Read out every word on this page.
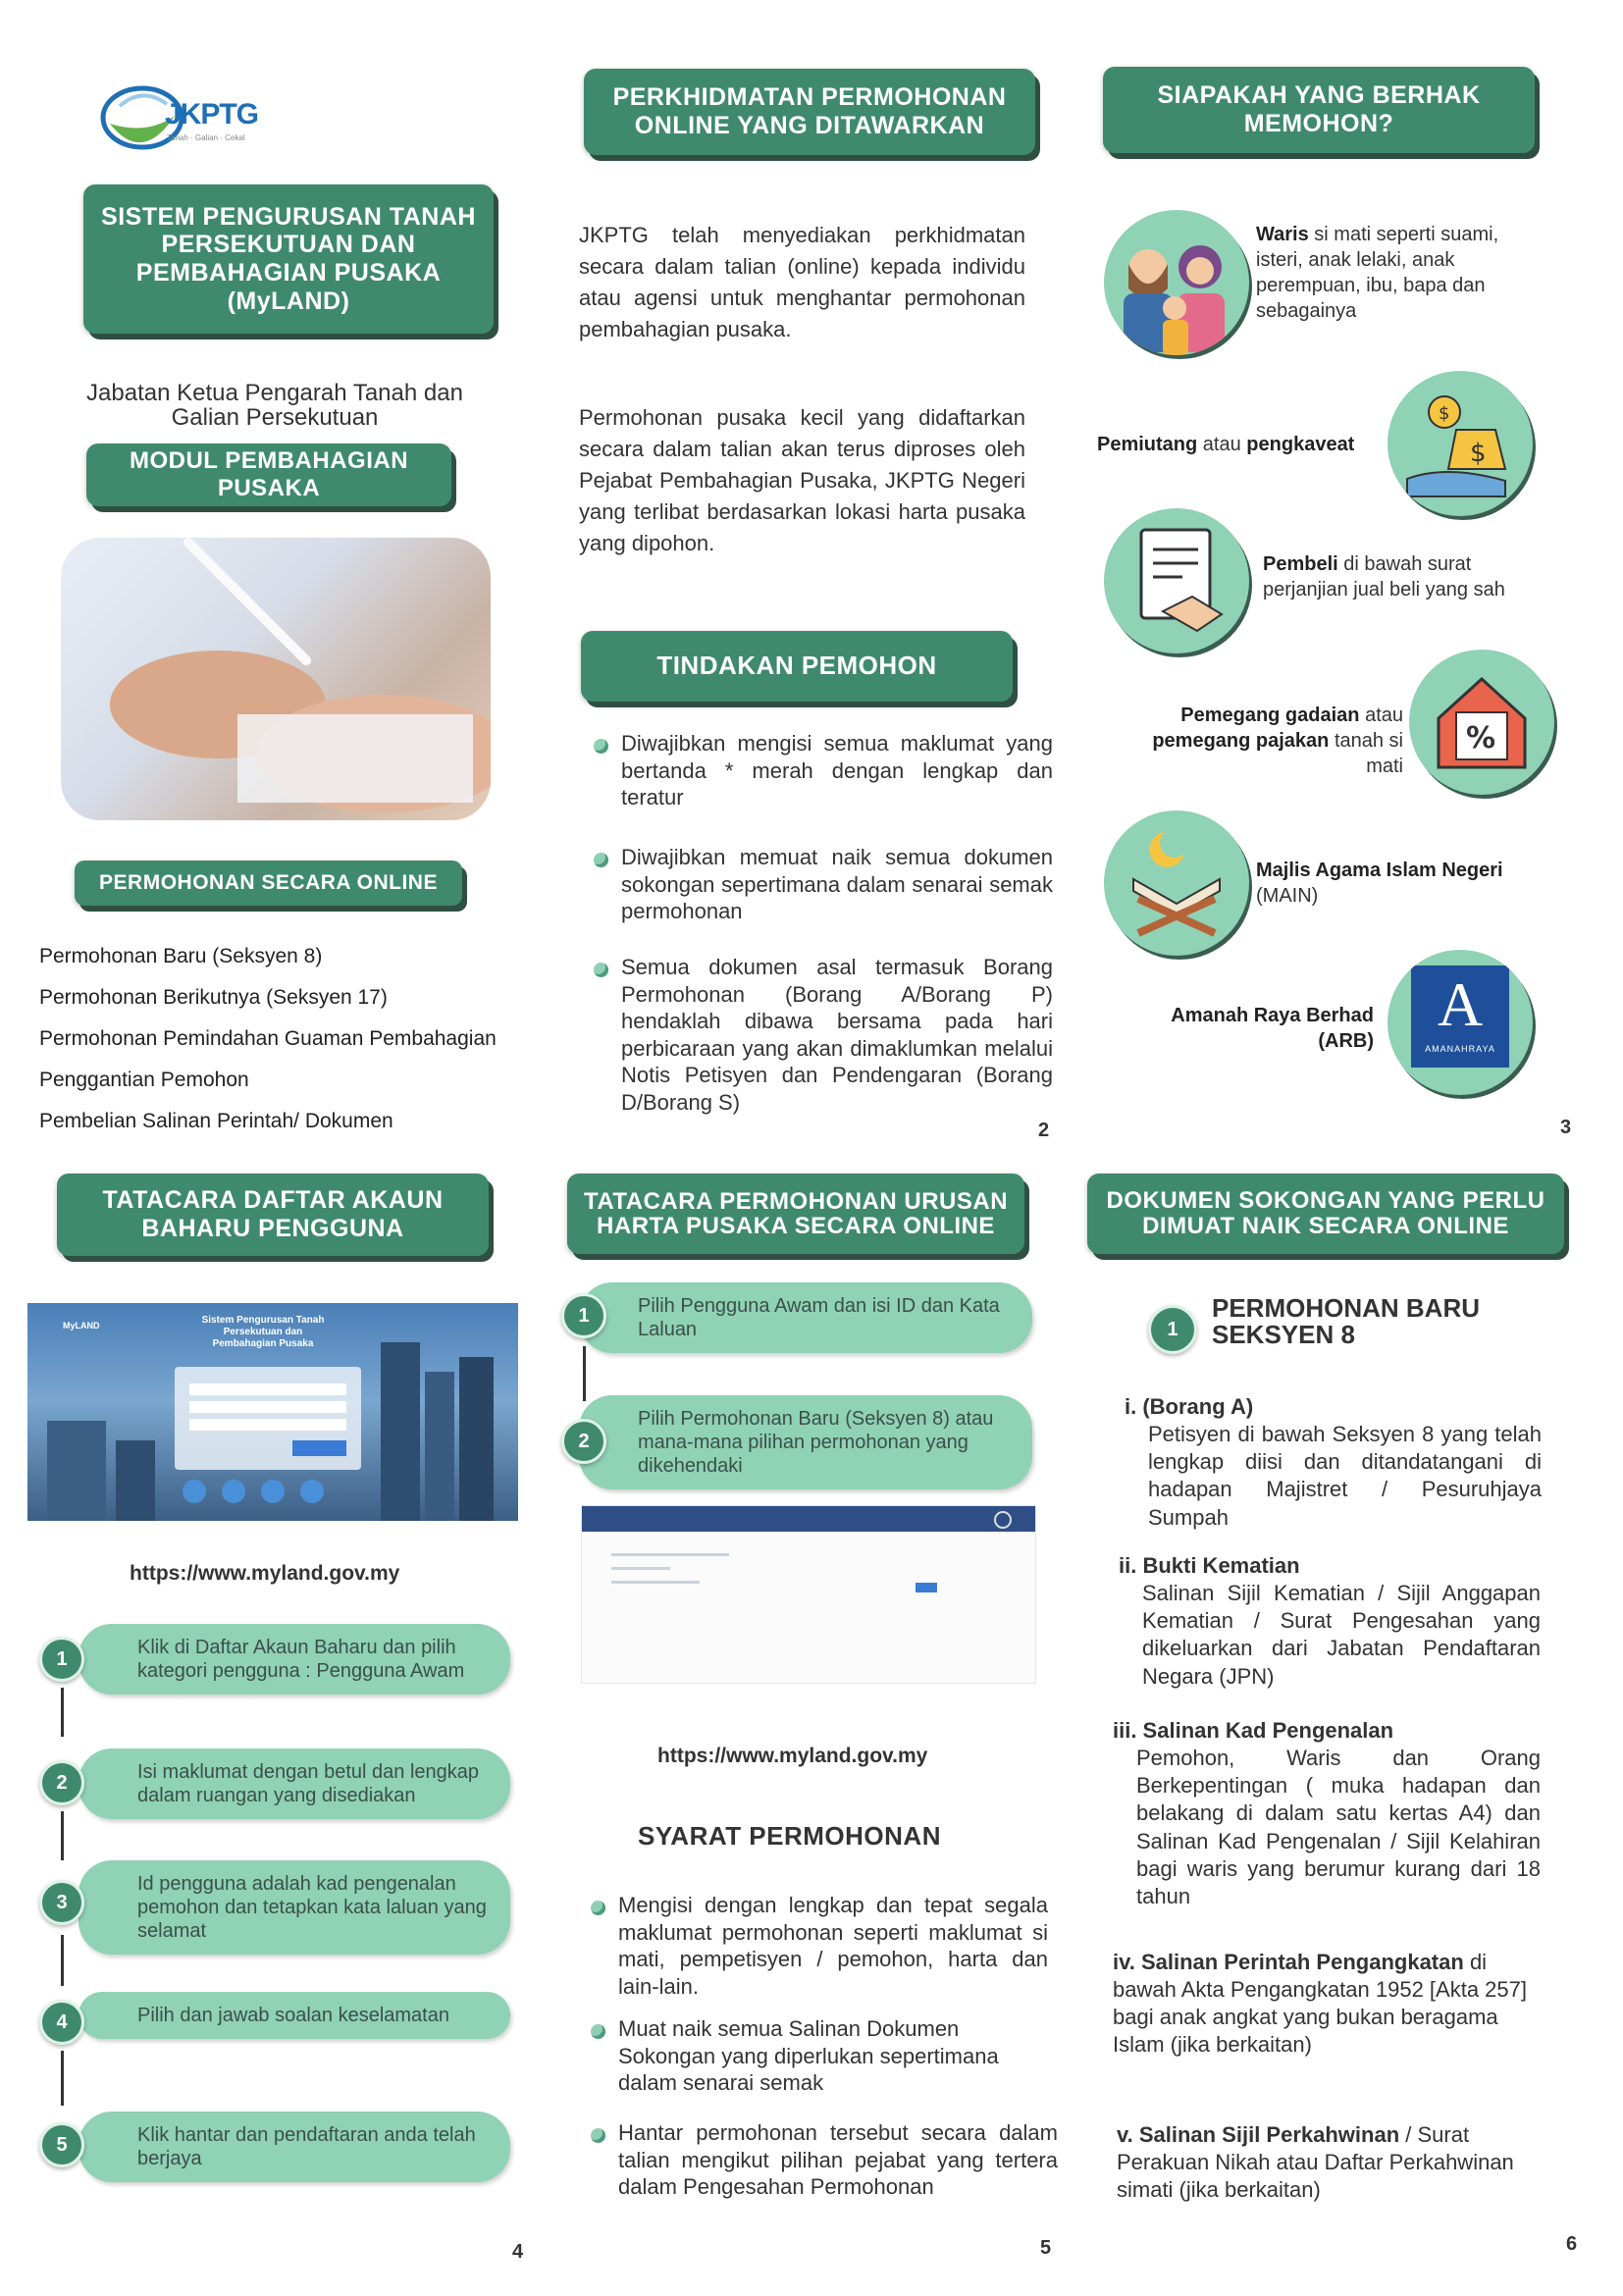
JKPTG
Tanah · Galian · Cekal
SISTEM PENGURUSAN TANAH PERSEKUTUAN DAN PEMBAHAGIAN PUSAKA (MyLAND)
Jabatan Ketua Pengarah Tanah dan Galian Persekutuan
MODUL PEMBAHAGIAN PUSAKA
PERMOHONAN SECARA ONLINE
Permohonan Baru (Seksyen 8)
Permohonan Berikutnya (Seksyen 17)
Permohonan Pemindahan Guaman Pembahagian
Penggantian Pemohon
Pembelian Salinan Perintah/ Dokumen
PERKHIDMATAN PERMOHONAN ONLINE YANG DITAWARKAN
JKPTG telah menyediakan perkhidmatan secara dalam talian (online) kepada individu atau agensi untuk menghantar permohonan pembahagian pusaka.
Permohonan pusaka kecil yang didaftarkan secara dalam talian akan terus diproses oleh Pejabat Pembahagian Pusaka, JKPTG Negeri yang terlibat berdasarkan lokasi harta pusaka yang dipohon.
TINDAKAN PEMOHON
Diwajibkan mengisi semua maklumat yang bertanda * merah dengan lengkap dan teratur
Diwajibkan memuat naik semua dokumen sokongan sepertimana dalam senarai semak permohonan
Semua dokumen asal termasuk Borang Permohonan (Borang A/Borang P) hendaklah dibawa bersama pada hari perbicaraan yang akan dimaklumkan melalui Notis Petisyen dan Pendengaran (Borang D/Borang S)
2
SIAPAKAH YANG BERHAK MEMOHON?
Waris si mati seperti suami, isteri, anak lelaki, anak perempuan, ibu, bapa dan sebagainya
Pemiutang atau pengkaveat
$
$
Pembeli di bawah surat perjanjian jual beli yang sah
Pemegang gadaian atau pemegang pajakan tanah si mati
%
Majlis Agama Islam Negeri
(MAIN)
Amanah Raya Berhad
(ARB)
A
AMANAHRAYA
3
TATACARA DAFTAR AKAUN BAHARU PENGGUNA
MyLAND	Sistem Pengurusan Tanah Persekutuan dan Pembahagian Pusaka
https://www.myland.gov.my
Klik di Daftar Akaun Baharu dan pilih kategori pengguna : Pengguna Awam
1
Isi maklumat dengan betul dan lengkap dalam ruangan yang disediakan
2
Id pengguna adalah kad pengenalan pemohon dan tetapkan kata laluan yang selamat
3
Pilih dan jawab soalan keselamatan
4
Klik hantar dan pendaftaran anda telah berjaya
5
4
TATACARA PERMOHONAN URUSAN HARTA PUSAKA SECARA ONLINE
Pilih Pengguna Awam dan isi ID dan Kata Laluan
1
Pilih Permohonan Baru (Seksyen 8) atau mana-mana pilihan permohonan yang dikehendaki
2
https://www.myland.gov.my
SYARAT PERMOHONAN
Mengisi dengan lengkap dan tepat segala maklumat permohonan seperti maklumat si mati, pempetisyen / pemohon, harta dan lain-lain.
Muat naik semua Salinan Dokumen Sokongan yang diperlukan sepertimana dalam senarai semak
Hantar permohonan tersebut secara dalam talian mengikut pilihan pejabat yang tertera dalam Pengesahan Permohonan
5
DOKUMEN SOKONGAN YANG PERLU DIMUAT NAIK SECARA ONLINE
1
PERMOHONAN BARU SEKSYEN 8
i. (Borang A)
Petisyen di bawah Seksyen 8 yang telah lengkap diisi dan ditandatangani di hadapan Majistret / Pesuruhjaya Sumpah
ii. Bukti Kematian
Salinan Sijil Kematian / Sijil Anggapan Kematian / Surat Pengesahan yang dikeluarkan dari Jabatan Pendaftaran Negara (JPN)
iii. Salinan Kad Pengenalan
Pemohon, Waris dan Orang Berkepentingan ( muka hadapan dan belakang di dalam satu kertas A4) dan Salinan Kad Pengenalan / Sijil Kelahiran bagi waris yang berumur kurang dari 18 tahun
iv. Salinan Perintah Pengangkatan di bawah Akta Pengangkatan 1952 [Akta 257] bagi anak angkat yang bukan beragama Islam (jika berkaitan)
v. Salinan Sijil Perkahwinan / Surat Perakuan Nikah atau Daftar Perkahwinan simati (jika berkaitan)
6
